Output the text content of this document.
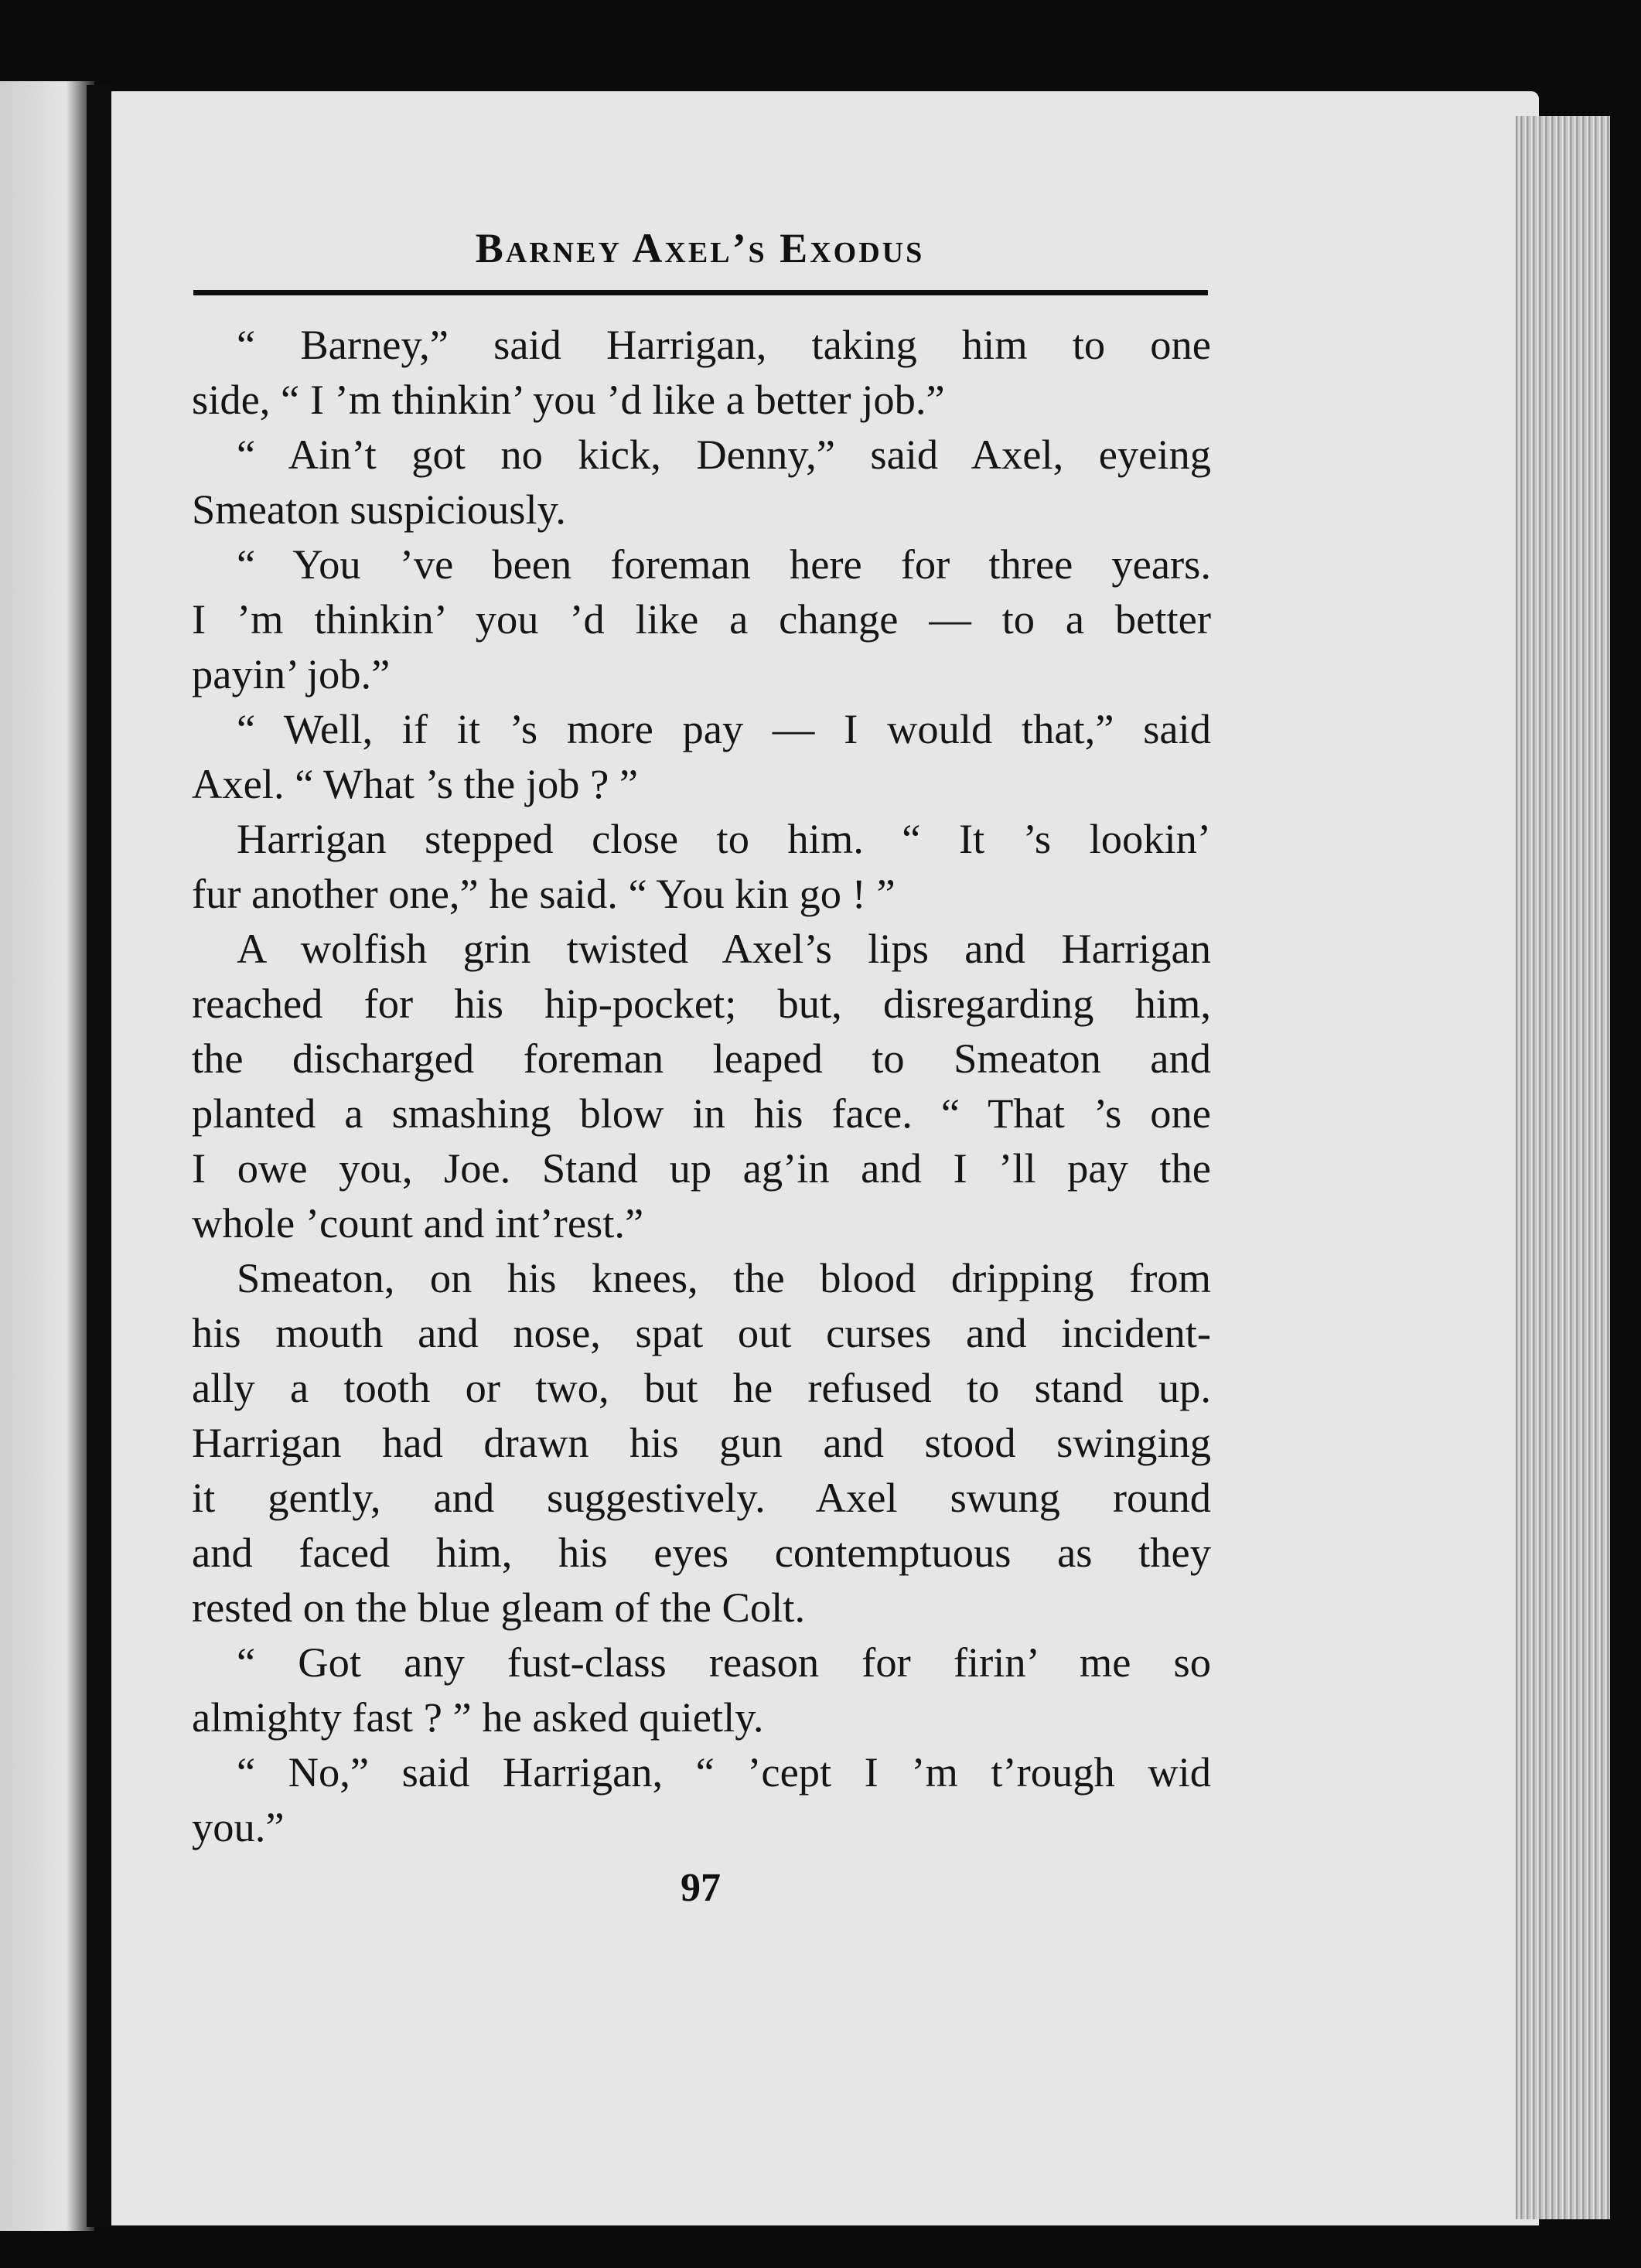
Barney Axel’s Exodus
“ Barney,” said Harrigan, taking him to one
side, “ I ’m thinkin’ you ’d like a better job.”
“ Ain’t got no kick, Denny,” said Axel, eyeing
Smeaton suspiciously.
“ You ’ve been foreman here for three years.
I ’m thinkin’ you ’d like a change — to a better
payin’ job.”
“ Well, if it ’s more pay — I would that,” said
Axel. “ What ’s the job ? ”
Harrigan stepped close to him. “ It ’s lookin’
fur another one,” he said. “ You kin go ! ”
A wolfish grin twisted Axel’s lips and Harrigan
reached for his hip-pocket; but, disregarding him,
the discharged foreman leaped to Smeaton and
planted a smashing blow in his face. “ That ’s one
I owe you, Joe. Stand up ag’in and I ’ll pay the
whole ’count and int’rest.”
Smeaton, on his knees, the blood dripping from
his mouth and nose, spat out curses and incident-
ally a tooth or two, but he refused to stand up.
Harrigan had drawn his gun and stood swinging
it gently, and suggestively. Axel swung round
and faced him, his eyes contemptuous as they
rested on the blue gleam of the Colt.
“ Got any fust-class reason for firin’ me so
almighty fast ? ” he asked quietly.
“ No,” said Harrigan, “ ’cept I ’m t’rough wid
you.”
97
